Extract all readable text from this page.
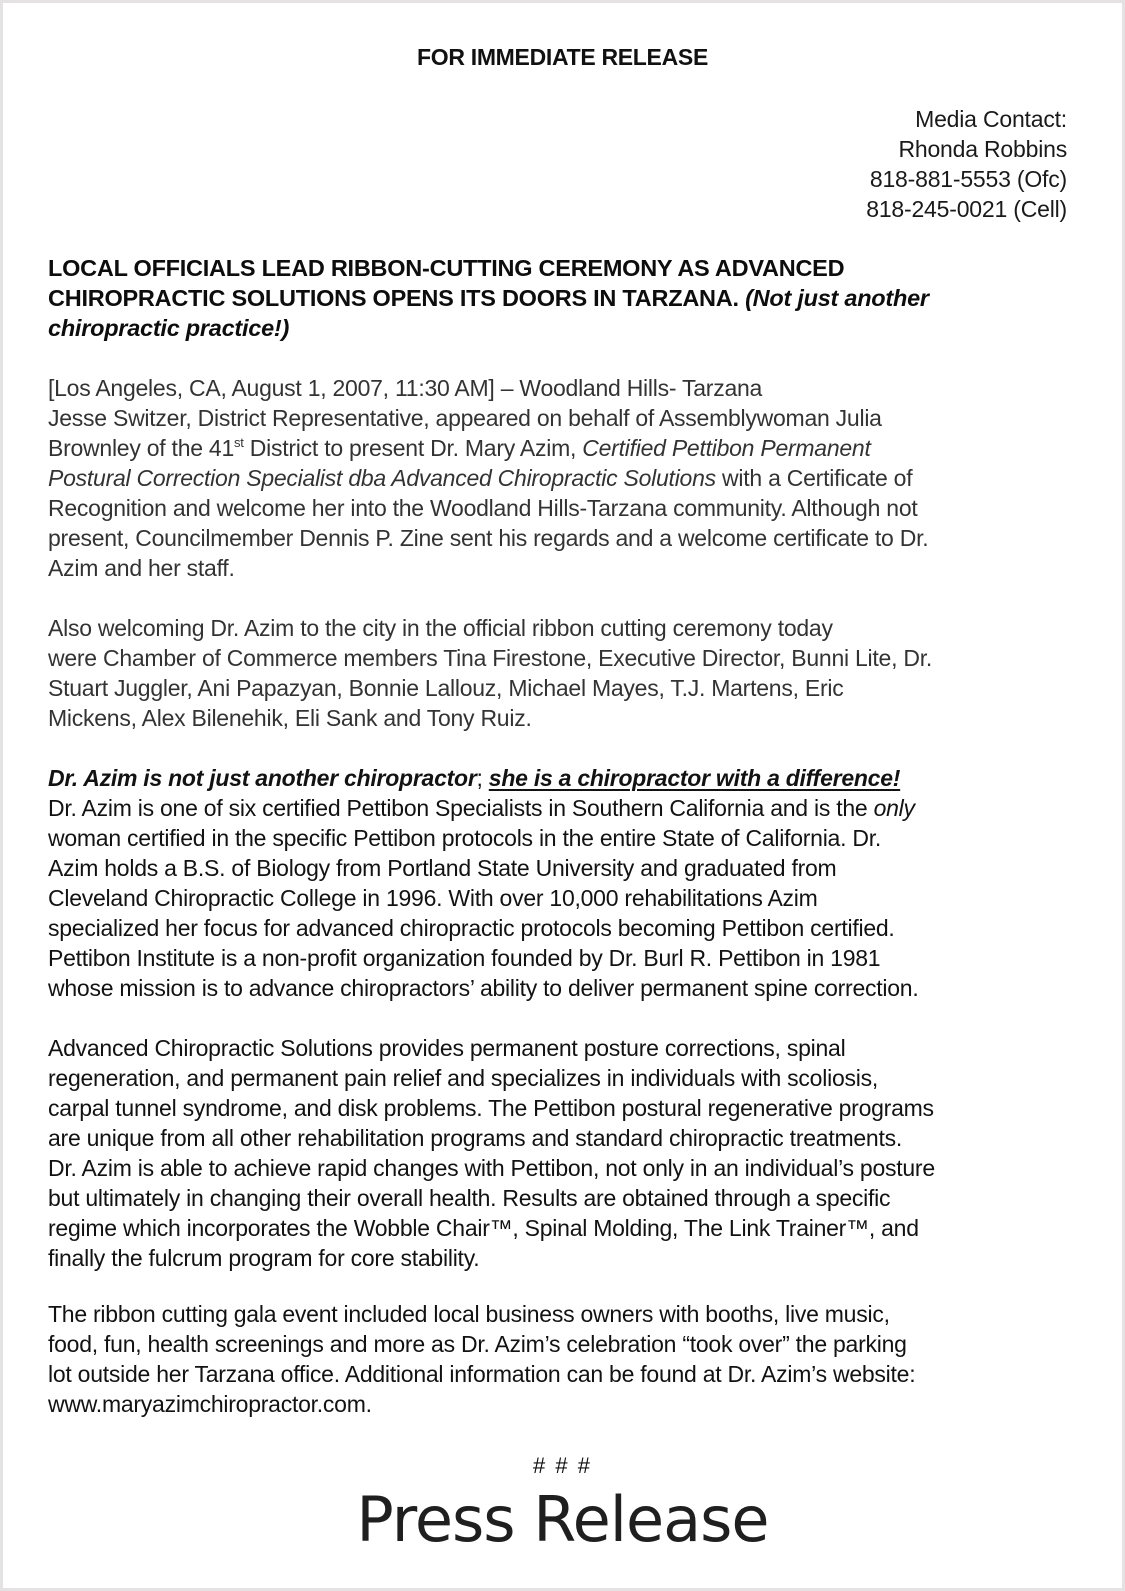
FOR IMMEDIATE RELEASE
Media Contact:
Rhonda Robbins
818-881-5553 (Ofc)
818-245-0021 (Cell)
LOCAL OFFICIALS LEAD RIBBON-CUTTING CEREMONY AS ADVANCED
CHIROPRACTIC SOLUTIONS OPENS ITS DOORS IN TARZANA. (Not just another
chiropractic practice!)
[Los Angeles, CA, August 1, 2007, 11:30 AM] – Woodland Hills- Tarzana
Jesse Switzer, District Representative, appeared on behalf of Assemblywoman Julia
Brownley of the 41st District to present Dr. Mary Azim, Certified Pettibon Permanent
Postural Correction Specialist dba Advanced Chiropractic Solutions with a Certificate of
Recognition and welcome her into the Woodland Hills-Tarzana community. Although not
present, Councilmember Dennis P. Zine sent his regards and a welcome certificate to Dr.
Azim and her staff.
Also welcoming Dr. Azim to the city in the official ribbon cutting ceremony today
were Chamber of Commerce members Tina Firestone, Executive Director, Bunni Lite, Dr.
Stuart Juggler, Ani Papazyan, Bonnie Lallouz, Michael Mayes, T.J. Martens, Eric
Mickens, Alex Bilenehik, Eli Sank and Tony Ruiz.
Dr. Azim is not just another chiropractor; she is a chiropractor with a difference!
Dr. Azim is one of six certified Pettibon Specialists in Southern California and is the only
woman certified in the specific Pettibon protocols in the entire State of California. Dr.
Azim holds a B.S. of Biology from Portland State University and graduated from
Cleveland Chiropractic College in 1996. With over 10,000 rehabilitations Azim
specialized her focus for advanced chiropractic protocols becoming Pettibon certified.
Pettibon Institute is a non-profit organization founded by Dr. Burl R. Pettibon in 1981
whose mission is to advance chiropractors’ ability to deliver permanent spine correction.
Advanced Chiropractic Solutions provides permanent posture corrections, spinal
regeneration, and permanent pain relief and specializes in individuals with scoliosis,
carpal tunnel syndrome, and disk problems. The Pettibon postural regenerative programs
are unique from all other rehabilitation programs and standard chiropractic treatments.
Dr. Azim is able to achieve rapid changes with Pettibon, not only in an individual’s posture
but ultimately in changing their overall health. Results are obtained through a specific
regime which incorporates the Wobble Chair™, Spinal Molding, The Link Trainer™, and
finally the fulcrum program for core stability.
The ribbon cutting gala event included local business owners with booths, live music,
food, fun, health screenings and more as Dr. Azim’s celebration “took over” the parking
lot outside her Tarzana office. Additional information can be found at Dr. Azim’s website:
www.maryazimchiropractor.com.
# # #
Press Release
